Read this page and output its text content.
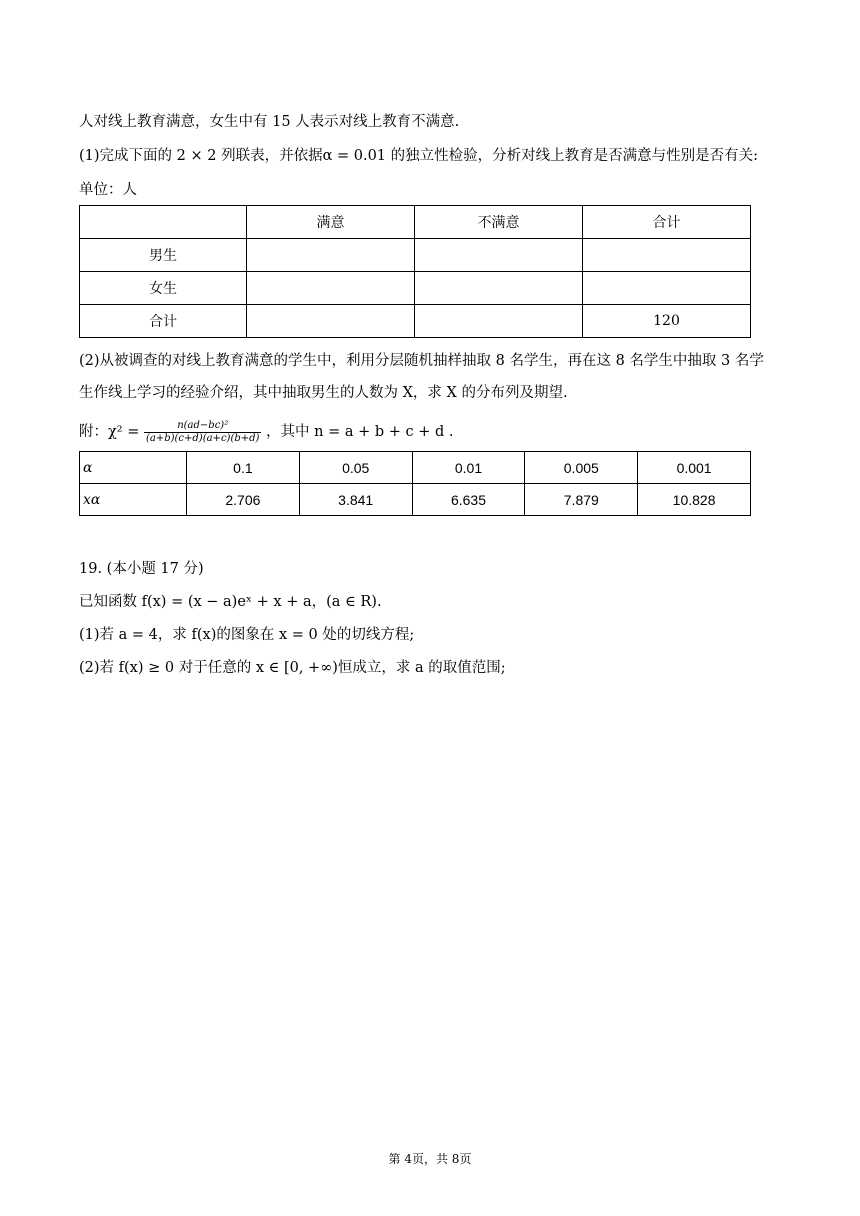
人对线上教育满意，女生中有 15 人表示对线上教育不满意.
(1)完成下面的 2 × 2 列联表，并依据α = 0.01 的独立性检验，分析对线上教育是否满意与性别是否有关:
单位：人
	满意	不满意	合计
男生			
女生			
合计			120
(2)从被调查的对线上教育满意的学生中，利用分层随机抽样抽取 8 名学生，再在这 8 名学生中抽取 3 名学
生作线上学习的经验介绍，其中抽取男生的人数为 X，求 X 的分布列及期望.
附：$\chi^2 = \frac{\text{n(ad−bc)²}}{(a+b)(c+d)(a+c)(b+d)}$ ，其中 n = a + b + c + d .
α	0.1	0.05	0.01	0.005	0.001
xα	2.706	3.841	6.635	7.879	10.828
19. (本小题 17 分)
已知函数 f(x) = (x − a)eˣ + x + a，(a ∈ R).
(1)若 a = 4，求 f(x)的图象在 x = 0 处的切线方程;
(2)若 f(x) ≥ 0 对于任意的 x ∈ [0, +∞)恒成立，求 a 的取值范围;
第 4页，共 8页
